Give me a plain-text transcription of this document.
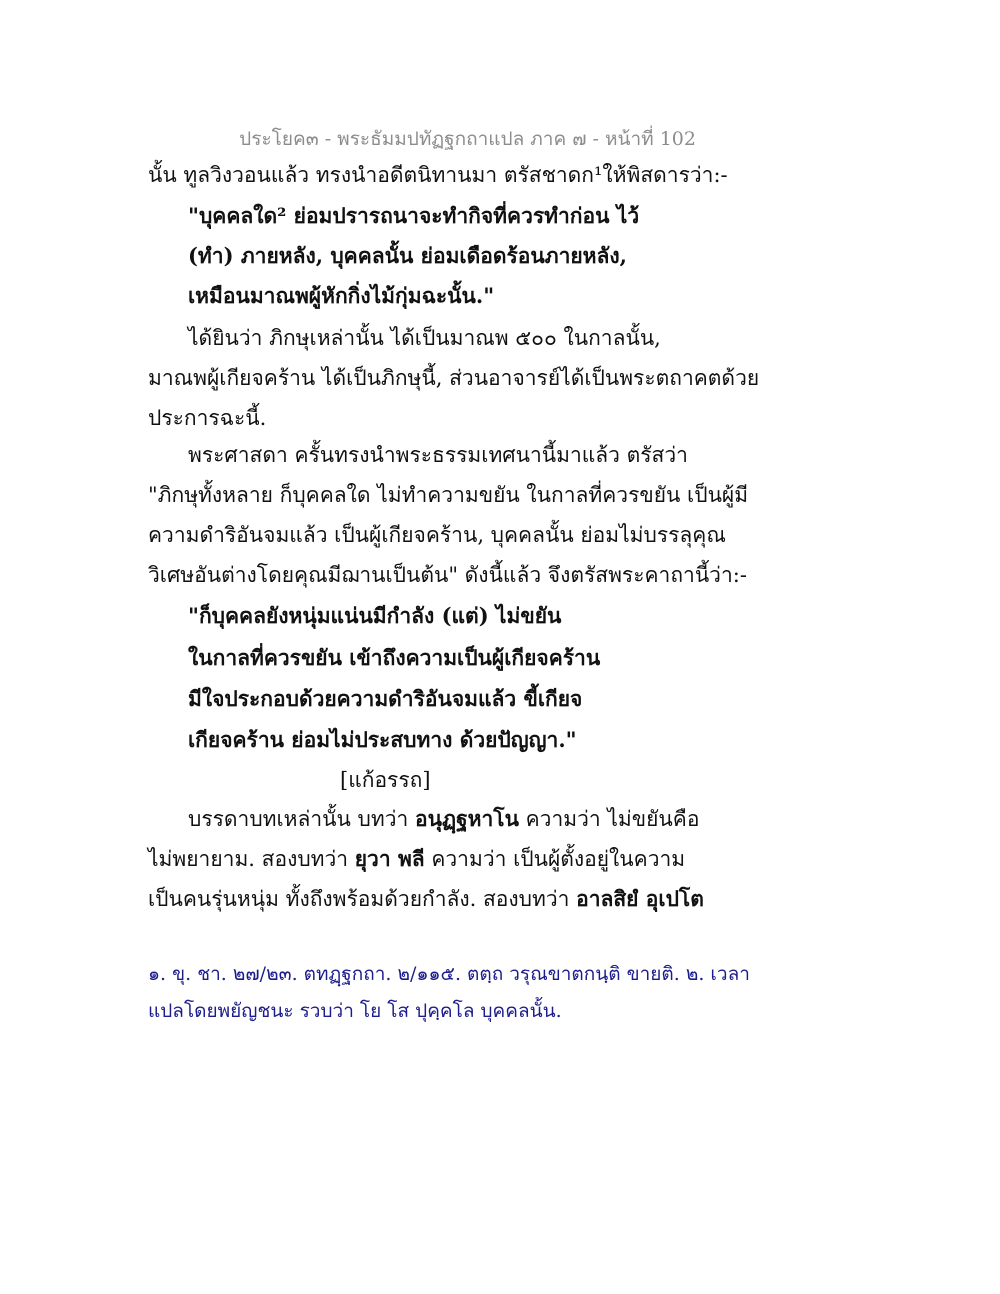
ประโยค๓ - พระธัมมปทัฏฐกถาแปล ภาค ๗ - หน้าที่ 102
นั้น ทูลวิงวอนแล้ว ทรงนำอดีตนิทานมา ตรัสชาดก¹ให้พิสดารว่า:-
"บุคคลใด² ย่อมปรารถนาจะทำกิจที่ควรทำก่อน ไว้
(ทำ) ภายหลัง, บุคคลนั้น ย่อมเดือดร้อนภายหลัง,
เหมือนมาณพผู้หักกิ่งไม้กุ่มฉะนั้น."
ได้ยินว่า ภิกษุเหล่านั้น ได้เป็นมาณพ ๕๐๐ ในกาลนั้น,
มาณพผู้เกียจคร้าน ได้เป็นภิกษุนี้, ส่วนอาจารย์ได้เป็นพระตถาคตด้วย
ประการฉะนี้.
พระศาสดา ครั้นทรงนำพระธรรมเทศนานี้มาแล้ว ตรัสว่า
"ภิกษุทั้งหลาย ก็บุคคลใด ไม่ทำความขยัน ในกาลที่ควรขยัน เป็นผู้มี
ความดำริอันจมแล้ว เป็นผู้เกียจคร้าน, บุคคลนั้น ย่อมไม่บรรลุคุณ
วิเศษอันต่างโดยคุณมีฌานเป็นต้น" ดังนี้แล้ว จึงตรัสพระคาถานี้ว่า:-
"ก็บุคคลยังหนุ่มแน่นมีกำลัง (แต่) ไม่ขยัน
ในกาลที่ควรขยัน เข้าถึงความเป็นผู้เกียจคร้าน
มีใจประกอบด้วยความดำริอันจมแล้ว ขี้เกียจ
เกียจคร้าน ย่อมไม่ประสบทาง ด้วยปัญญา."
[แก้อรรถ]
บรรดาบทเหล่านั้น บทว่า อนุฏฺฐหาโน ความว่า ไม่ขยันคือ
ไม่พยายาม. สองบทว่า ยุวา พลี ความว่า เป็นผู้ตั้งอยู่ในความ
เป็นคนรุ่นหนุ่ม ทั้งถึงพร้อมด้วยกำลัง. สองบทว่า อาลสิยํ อุเปโต
๑. ขุ. ชา. ๒๗/๒๓. ตทฏฺฐกถา. ๒/๑๑๕. ตตฺถ วรุณขาตกนฺติ ขายติ. ๒. เวลา
แปลโดยพยัญชนะ รวบว่า โย โส ปุคฺคโล บุคคลนั้น.
